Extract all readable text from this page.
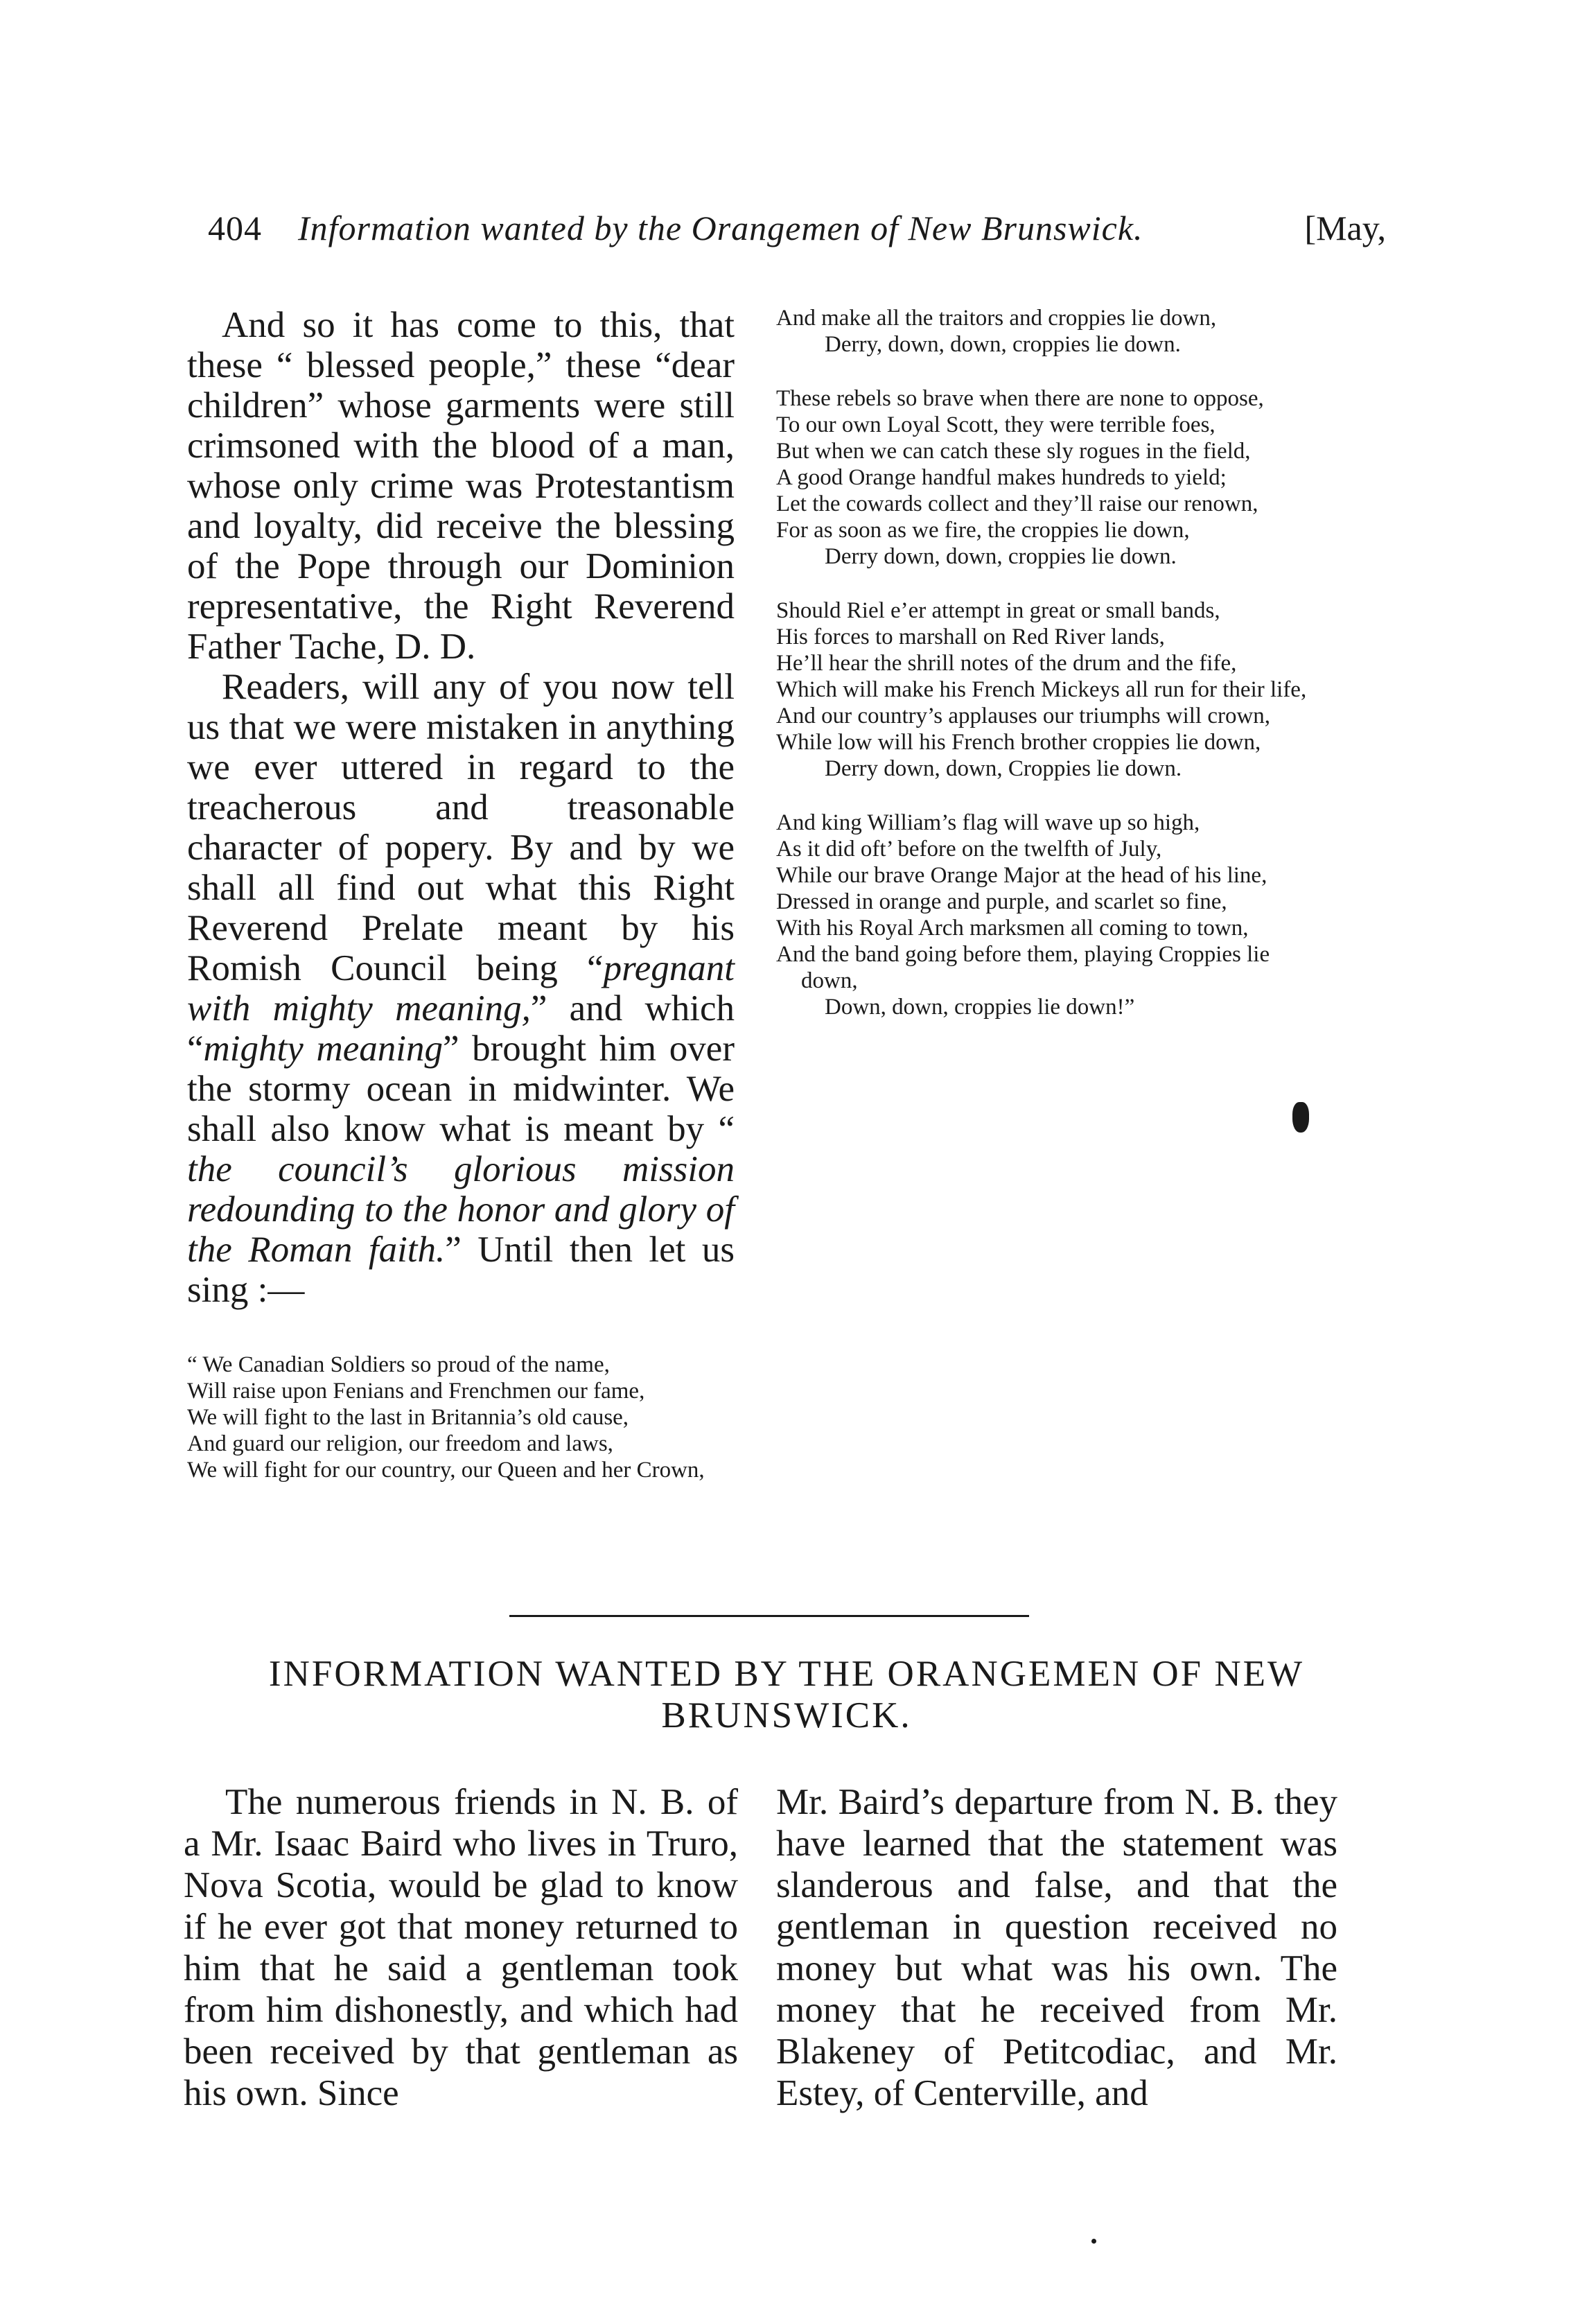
404 Information wanted by the Orangemen of New Brunswick.	[May,

And so it has come to this, that these “ blessed people,” these “dear children” whose garments were still crimsoned with the blood of a man, whose only crime was Protestantism and loyalty, did receive the blessing of the Pope through our Dominion representative, the Right Reverend Father Tache, D. D.

Readers, will any of you now tell us that we were mistaken in anything we ever uttered in regard to the treacherous and treasonable character of popery. By and by we shall all find out what this Right Reverend Prelate meant by his Romish Council being “pregnant with mighty meaning,” and which “mighty meaning” brought him over the stormy ocean in midwinter. We shall also know what is meant by “ the council’s glorious mission redounding to the honor and glory of the Roman faith.” Until then let us sing :—

“ We Canadian Soldiers so proud of the name,
Will raise upon Fenians and Frenchmen our fame,
We will fight to the last in Britannia’s old cause,
And guard our religion, our freedom and laws,
We will fight for our country, our Queen and her Crown,
And make all the traitors and croppies lie down,
Derry, down, down, croppies lie down.
These rebels so brave when there are none to oppose,
To our own Loyal Scott, they were terrible foes,
But when we can catch these sly rogues in the field,
A good Orange handful makes hundreds to yield;
Let the cowards collect and they’ll raise our renown,
For as soon as we fire, the croppies lie down,
Derry down, down, croppies lie down.
Should Riel e’er attempt in great or small bands,
His forces to marshall on Red River lands,
He’ll hear the shrill notes of the drum and the fife,
Which will make his French Mickeys all run for their life,
And our country’s applauses our triumphs will crown,
While low will his French brother croppies lie down,
Derry down, down, Croppies lie down.
And king William’s flag will wave up so high,
As it did oft’ before on the twelfth of July,
While our brave Orange Major at the head of his line,
Dressed in orange and purple, and scarlet so fine,
With his Royal Arch marksmen all coming to town,
And the band going before them, playing Croppies lie down,
Down, down, croppies lie down!”
INFORMATION WANTED BY THE ORANGEMEN OF NEW BRUNSWICK.

The numerous friends in N. B. of a Mr. Isaac Baird who lives in Truro, Nova Scotia, would be glad to know if he ever got that money returned to him that he said a gentleman took from him dishonestly, and which had been received by that gentleman as his own. Since

Mr. Baird’s departure from N. B. they have learned that the statement was slanderous and false, and that the gentleman in question received no money but what was his own. The money that he received from Mr. Blakeney of Petitcodiac, and Mr. Estey, of Centerville, and
